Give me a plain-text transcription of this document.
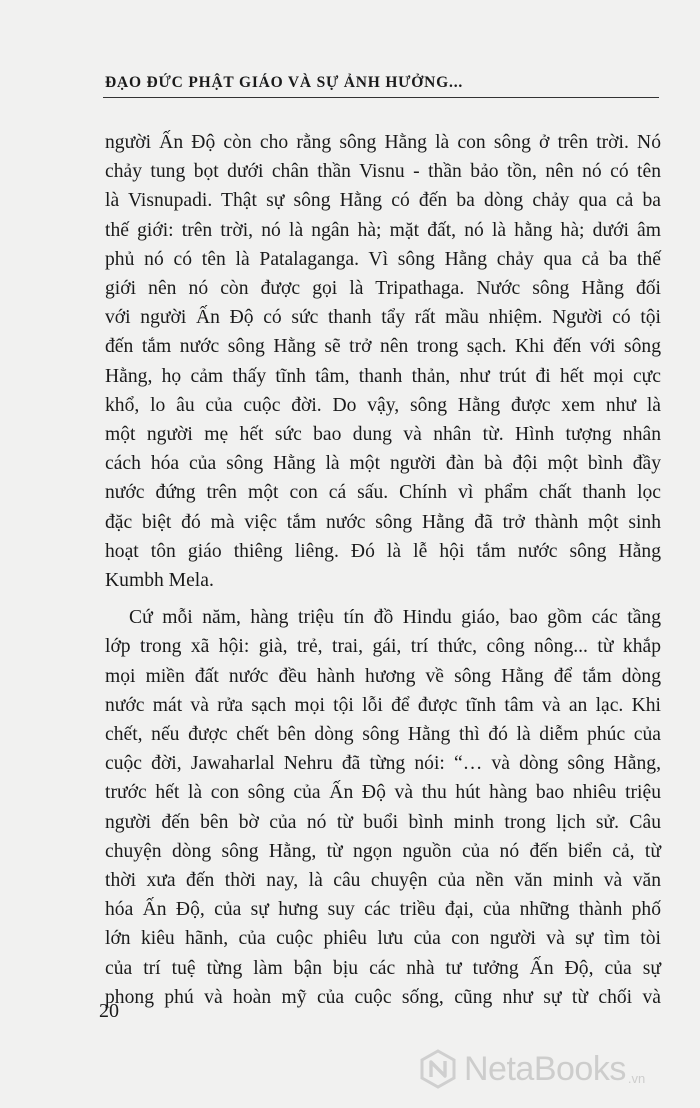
ĐẠO ĐỨC PHẬT GIÁO VÀ SỰ ẢNH HƯỞNG...

người Ấn Độ còn cho rằng sông Hằng là con sông ở trên trời. Nó
chảy tung bọt dưới chân thần Visnu - thần bảo tồn, nên nó có tên
là Visnupadi. Thật sự sông Hằng có đến ba dòng chảy qua cả ba
thế giới: trên trời, nó là ngân hà; mặt đất, nó là hằng hà; dưới âm
phủ nó có tên là Patalaganga. Vì sông Hằng chảy qua cả ba thế
giới nên nó còn được gọi là Tripathaga. Nước sông Hằng đối
với người Ấn Độ có sức thanh tẩy rất mầu nhiệm. Người có tội
đến tắm nước sông Hằng sẽ trở nên trong sạch. Khi đến với sông
Hằng, họ cảm thấy tĩnh tâm, thanh thản, như trút đi hết mọi cực
khổ, lo âu của cuộc đời. Do vậy, sông Hằng được xem như là
một người mẹ hết sức bao dung và nhân từ. Hình tượng nhân
cách hóa của sông Hằng là một người đàn bà đội một bình đầy
nước đứng trên một con cá sấu. Chính vì phẩm chất thanh lọc
đặc biệt đó mà việc tắm nước sông Hằng đã trở thành một sinh
hoạt tôn giáo thiêng liêng. Đó là lễ hội tắm nước sông Hằng
Kumbh Mela.

Cứ mỗi năm, hàng triệu tín đồ Hindu giáo, bao gồm các tầng
lớp trong xã hội: già, trẻ, trai, gái, trí thức, công nông... từ khắp
mọi miền đất nước đều hành hương về sông Hằng để tắm dòng
nước mát và rửa sạch mọi tội lỗi để được tĩnh tâm và an lạc. Khi
chết, nếu được chết bên dòng sông Hằng thì đó là diễm phúc của
cuộc đời, Jawaharlal Nehru đã từng nói: “… và dòng sông Hằng,
trước hết là con sông của Ấn Độ và thu hút hàng bao nhiêu triệu
người đến bên bờ của nó từ buổi bình minh trong lịch sử. Câu
chuyện dòng sông Hằng, từ ngọn nguồn của nó đến biển cả, từ
thời xưa đến thời nay, là câu chuyện của nền văn minh và văn
hóa Ấn Độ, của sự hưng suy các triều đại, của những thành phố
lớn kiêu hãnh, của cuộc phiêu lưu của con người và sự tìm tòi
của trí tuệ từng làm bận bịu các nhà tư tưởng Ấn Độ, của sự
phong phú và hoàn mỹ của cuộc sống, cũng như sự từ chối và

20
NetaBooks .vn
